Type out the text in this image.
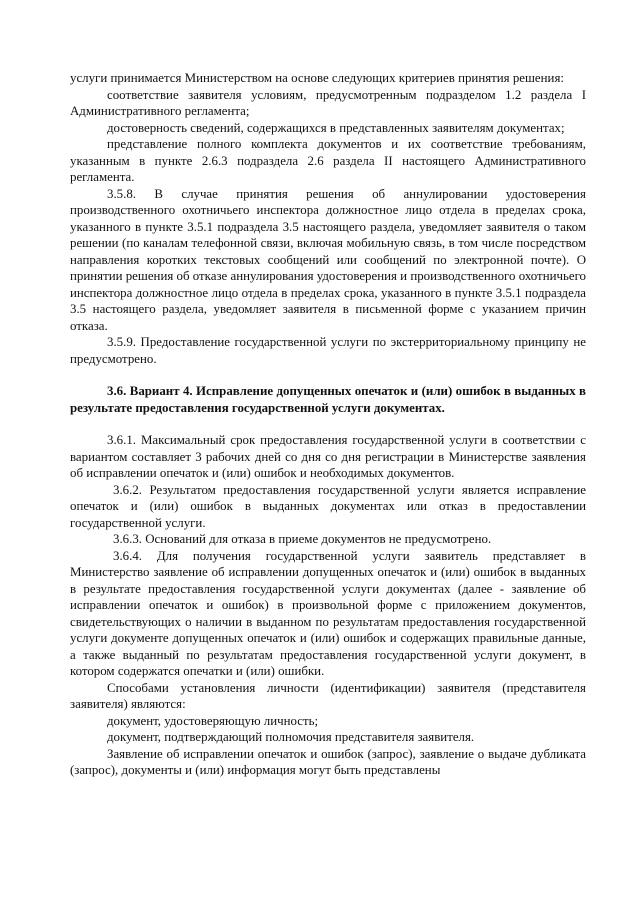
услуги принимается Министерством на основе следующих критериев принятия решения:

соответствие заявителя условиям, предусмотренным подразделом 1.2 раздела I Административного регламента;

достоверность сведений, содержащихся в представленных заявителям документах;

представление полного комплекта документов и их соответствие требованиям, указанным в пункте 2.6.3 подраздела 2.6 раздела II настоящего Административного регламента.

3.5.8. В случае принятия решения об аннулировании удостоверения производственного охотничьего инспектора должностное лицо отдела в пределах срока, указанного в пункте 3.5.1 подраздела 3.5 настоящего раздела, уведомляет заявителя о таком решении (по каналам телефонной связи, включая мобильную связь, в том числе посредством направления коротких текстовых сообщений или сообщений по электронной почте). О принятии решения об отказе аннулирования удостоверения и производственного охотничьего инспектора должностное лицо отдела в пределах срока, указанного в пункте 3.5.1 подраздела 3.5 настоящего раздела, уведомляет заявителя в письменной форме с указанием причин отказа.

3.5.9. Предоставление государственной услуги по экстерриториальному принципу не предусмотрено.

3.6. Вариант 4. Исправление допущенных опечаток и (или) ошибок в выданных в результате предоставления государственной услуги документах.

3.6.1. Максимальный срок предоставления государственной услуги в соответствии с вариантом составляет 3 рабочих дней со дня со дня регистрации в Министерстве заявления об исправлении опечаток и (или) ошибок и необходимых документов.

3.6.2. Результатом предоставления государственной услуги является исправление опечаток и (или) ошибок в выданных документах или отказ в предоставлении государственной услуги.

3.6.3. Оснований для отказа в приеме документов не предусмотрено.

3.6.4. Для получения государственной услуги заявитель представляет в Министерство заявление об исправлении допущенных опечаток и (или) ошибок в выданных в результате предоставления государственной услуги документах (далее - заявление об исправлении опечаток и ошибок) в произвольной форме с приложением документов, свидетельствующих о наличии в выданном по результатам предоставления государственной услуги документе допущенных опечаток и (или) ошибок и содержащих правильные данные, а также выданный по результатам предоставления государственной услуги документ, в котором содержатся опечатки и (или) ошибки.

Способами установления личности (идентификации) заявителя (представителя заявителя) являются:

документ, удостоверяющую личность;

документ, подтверждающий полномочия представителя заявителя.

Заявление об исправлении опечаток и ошибок (запрос), заявление о выдаче дубликата (запрос), документы и (или) информация могут быть представлены
